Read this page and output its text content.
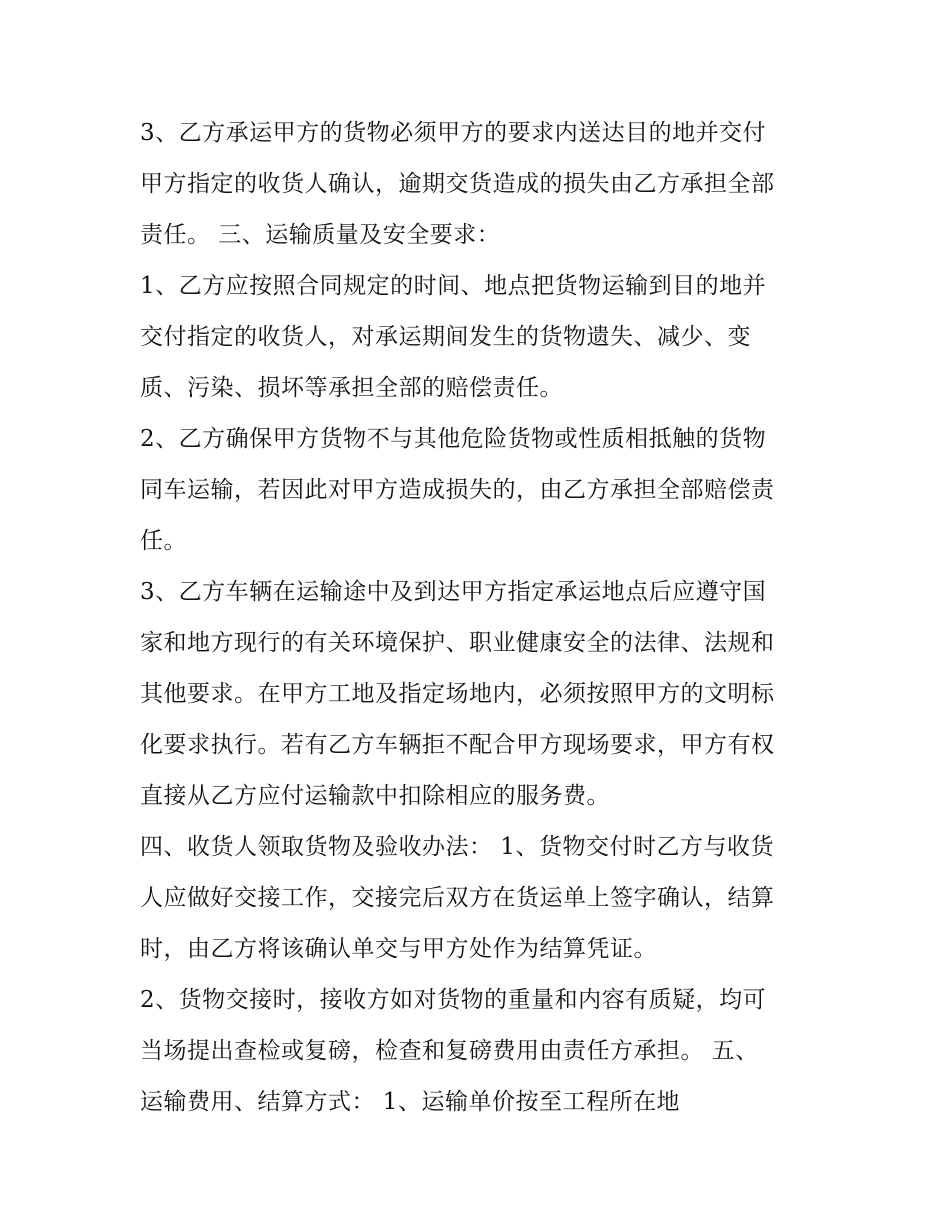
3、乙方承运甲方的货物必须甲方的要求内送达目的地并交付
甲方指定的收货人确认，逾期交货造成的损失由乙方承担全部
责任。 三、运输质量及安全要求：
1、乙方应按照合同规定的时间、地点把货物运输到目的地并
交付指定的收货人，对承运期间发生的货物遗失、减少、变
质、污染、损坏等承担全部的赔偿责任。
2、乙方确保甲方货物不与其他危险货物或性质相抵触的货物
同车运输，若因此对甲方造成损失的，由乙方承担全部赔偿责
任。
3、乙方车辆在运输途中及到达甲方指定承运地点后应遵守国
家和地方现行的有关环境保护、职业健康安全的法律、法规和
其他要求。在甲方工地及指定场地内，必须按照甲方的文明标
化要求执行。若有乙方车辆拒不配合甲方现场要求，甲方有权
直接从乙方应付运输款中扣除相应的服务费。
四、收货人领取货物及验收办法： 1、货物交付时乙方与收货
人应做好交接工作，交接完后双方在货运单上签字确认，结算
时，由乙方将该确认单交与甲方处作为结算凭证。
2、货物交接时，接收方如对货物的重量和内容有质疑，均可
当场提出查检或复磅，检查和复磅费用由责任方承担。 五、
运输费用、结算方式： 1、运输单价按至工程所在地
